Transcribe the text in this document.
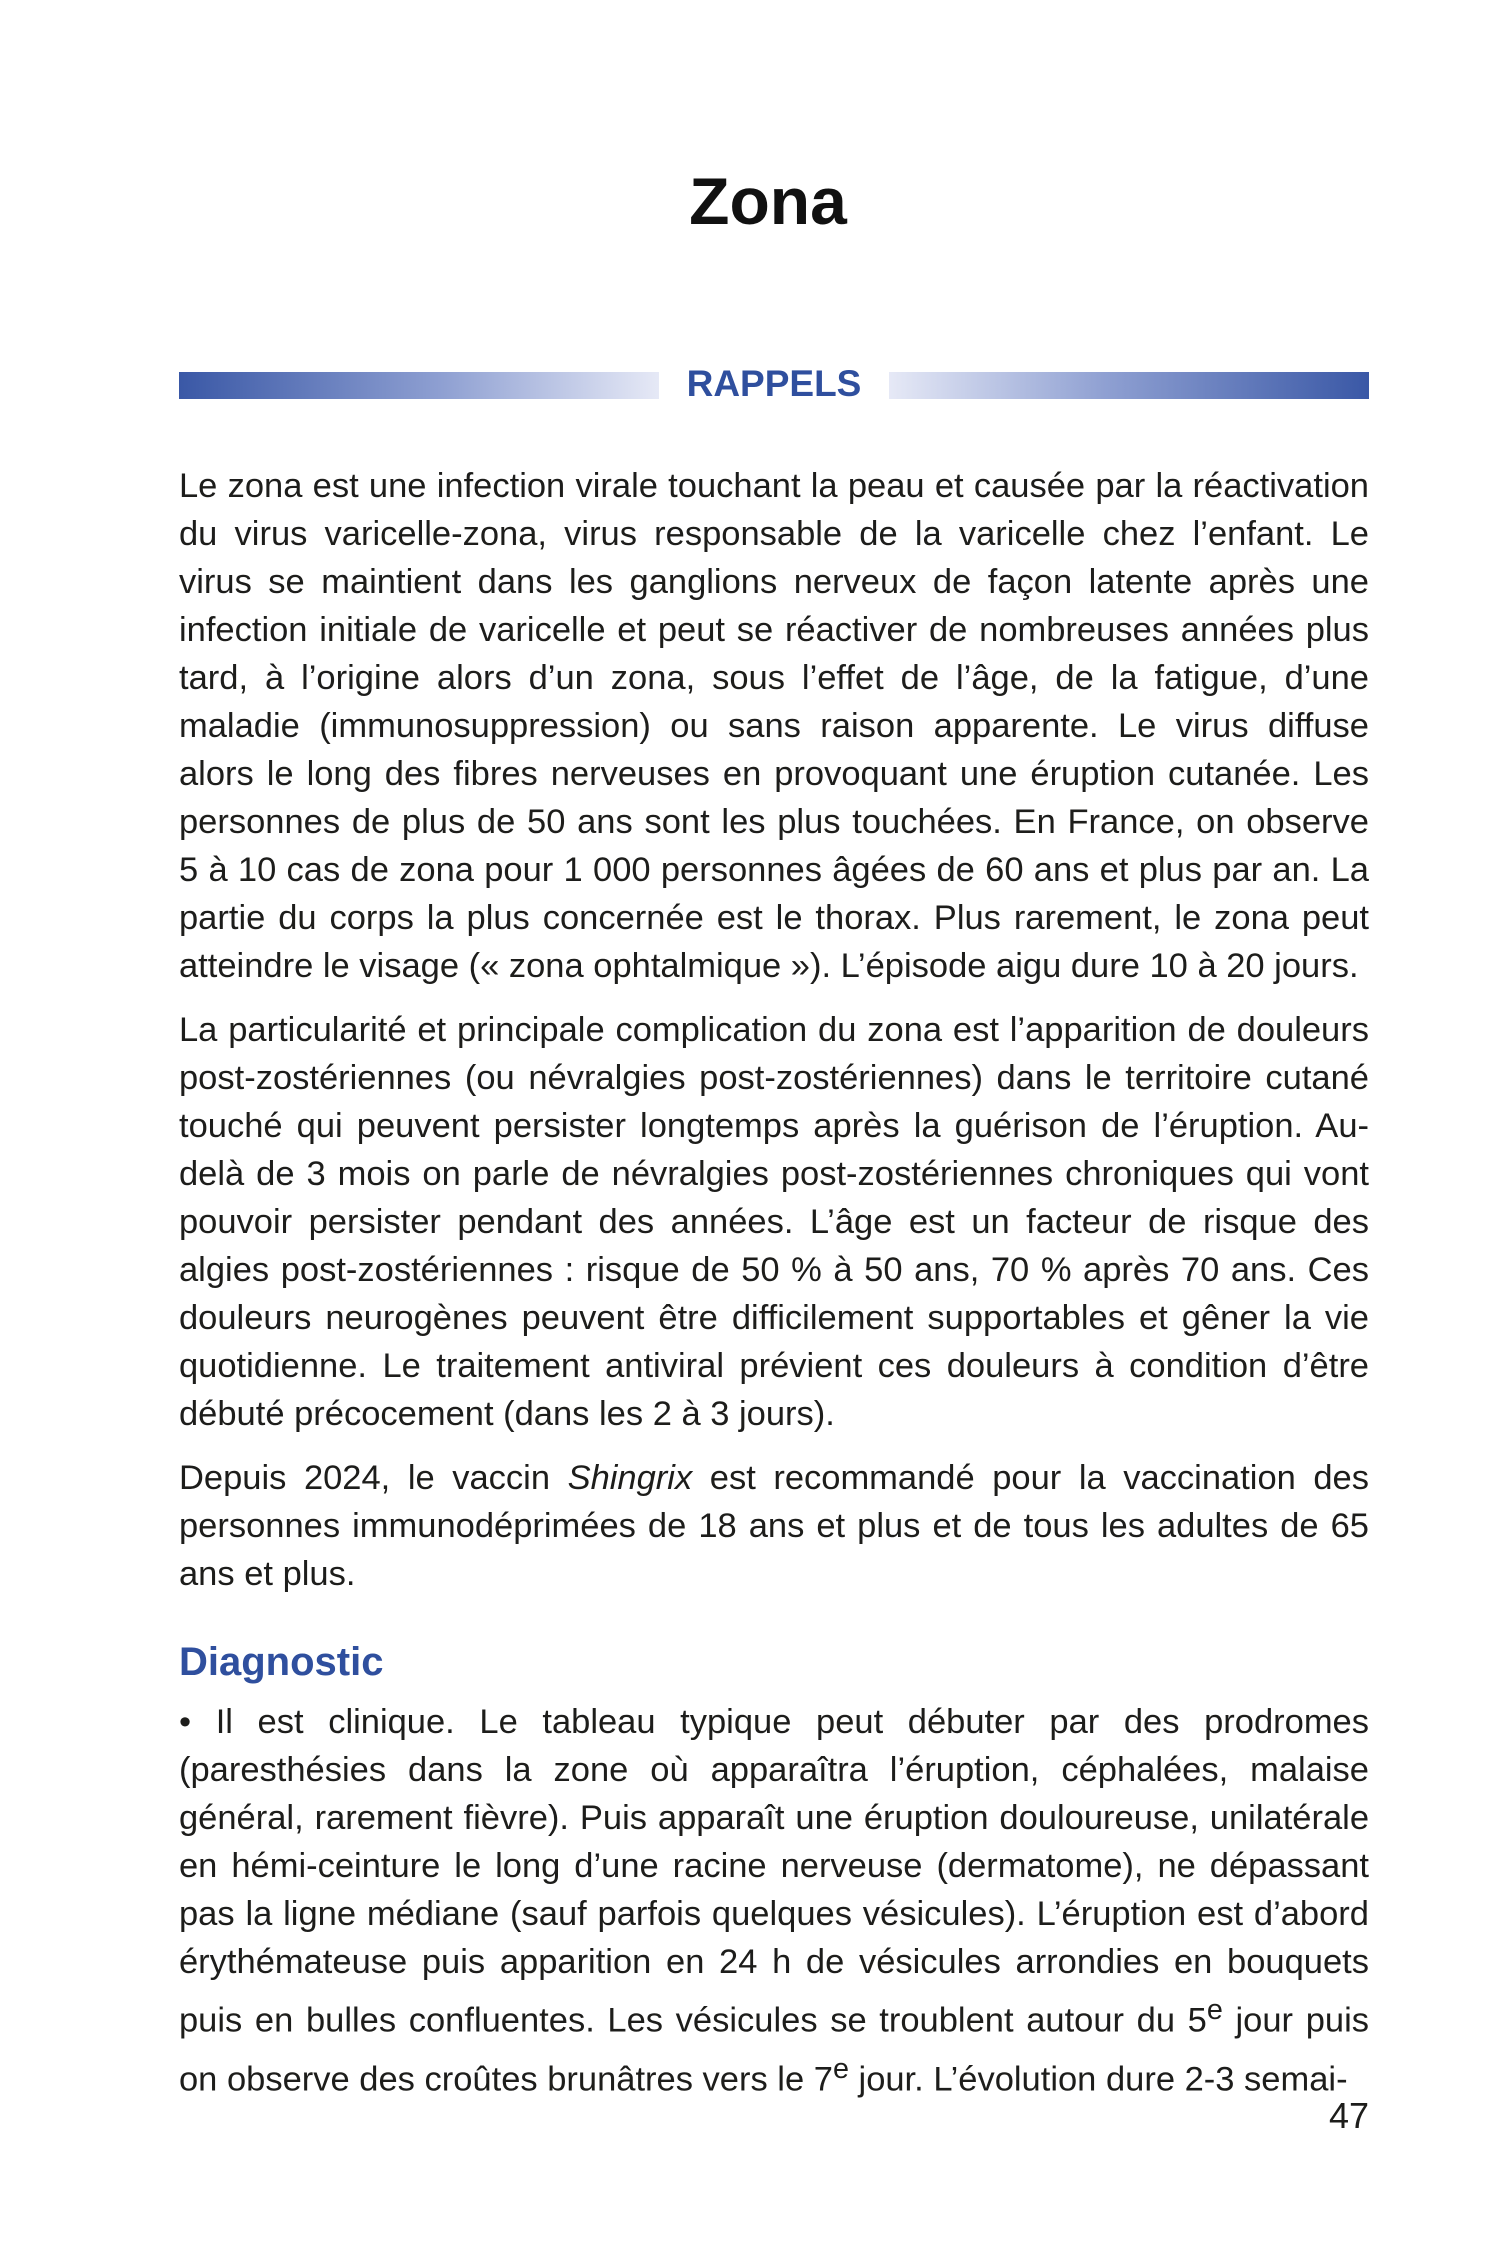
Zona
RAPPELS

Le zona est une infection virale touchant la peau et causée par la réactivation du virus varicelle-zona, virus responsable de la varicelle chez l’enfant. Le virus se maintient dans les ganglions nerveux de façon latente après une infection initiale de varicelle et peut se réactiver de nombreuses années plus tard, à l’origine alors d’un zona, sous l’effet de l’âge, de la fatigue, d’une maladie (immunosuppression) ou sans raison apparente. Le virus diffuse alors le long des fibres nerveuses en provoquant une éruption cutanée. Les personnes de plus de 50 ans sont les plus touchées. En France, on observe 5 à 10 cas de zona pour 1 000 personnes âgées de 60 ans et plus par an. La partie du corps la plus concernée est le thorax. Plus rarement, le zona peut atteindre le visage (« zona ophtalmique »). L’épisode aigu dure 10 à 20 jours.

La particularité et principale complication du zona est l’apparition de douleurs post-zostériennes (ou névralgies post-zostériennes) dans le territoire cutané touché qui peuvent persister longtemps après la guérison de l’éruption. Au-delà de 3 mois on parle de névralgies post-zostériennes chroniques qui vont pouvoir persister pendant des années. L’âge est un facteur de risque des algies post-zostériennes : risque de 50 % à 50 ans, 70 % après 70 ans. Ces douleurs neurogènes peuvent être difficilement supportables et gêner la vie quotidienne. Le traitement antiviral prévient ces douleurs à condition d’être débuté précocement (dans les 2 à 3 jours).

Depuis 2024, le vaccin Shingrix est recommandé pour la vaccination des personnes immunodéprimées de 18 ans et plus et de tous les adultes de 65 ans et plus.

Diagnostic

• Il est clinique. Le tableau typique peut débuter par des prodromes (paresthésies dans la zone où apparaîtra l’éruption, céphalées, malaise général, rarement fièvre). Puis apparaît une éruption douloureuse, unilatérale en hémi-ceinture le long d’une racine nerveuse (dermatome), ne dépassant pas la ligne médiane (sauf parfois quelques vésicules). L’éruption est d’abord érythémateuse puis apparition en 24 h de vésicules arrondies en bouquets puis en bulles confluentes. Les vésicules se troublent autour du 5e jour puis on observe des croûtes brunâtres vers le 7e jour. L’évolution dure 2-3 semai-

47
